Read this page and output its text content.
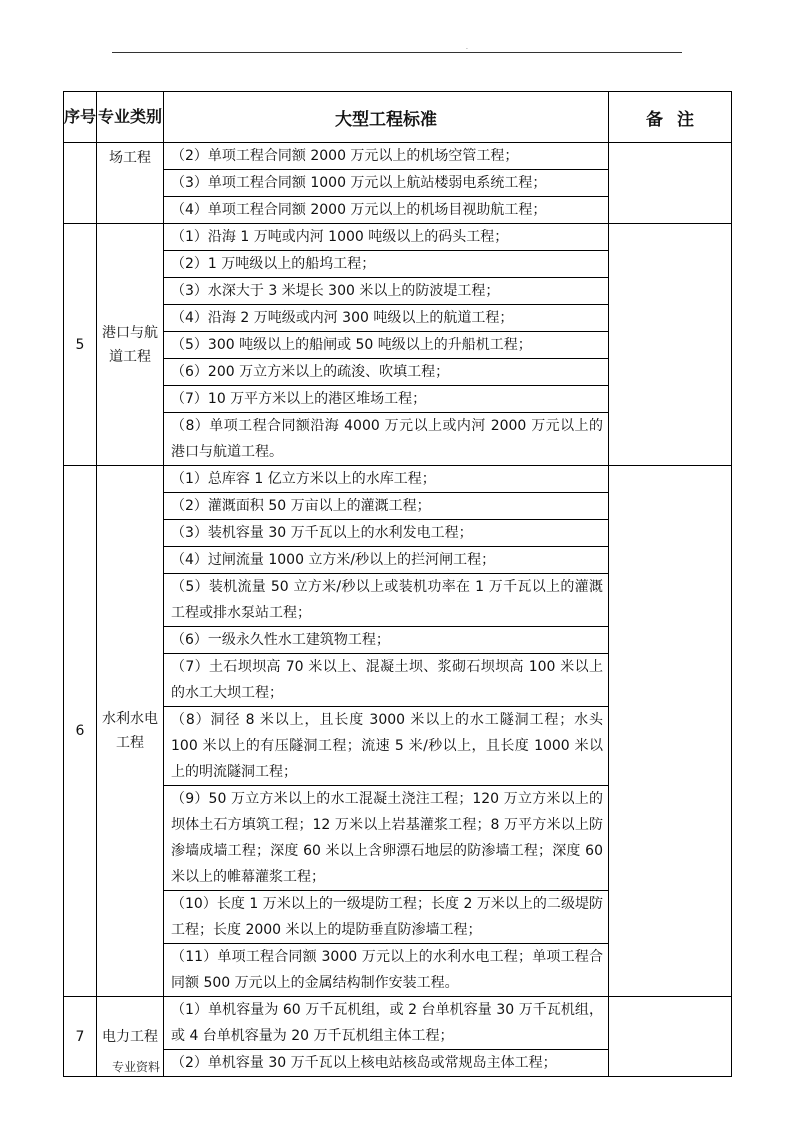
.
序号	专业类别	大型工程标准	备注
	场工程	（2）单项工程合同额 2000 万元以上的机场空管工程；	
		（3）单项工程合同额 1000 万元以上航站楼弱电系统工程；	
		（4）单项工程合同额 2000 万元以上的机场目视助航工程；	
5	港口与航道工程	（1）沿海 1 万吨或内河 1000 吨级以上的码头工程；	
		（2）1 万吨级以上的船坞工程；	
		（3）水深大于 3 米堤长 300 米以上的防波堤工程；	
		（4）沿海 2 万吨级或内河 300 吨级以上的航道工程；	
		（5）300 吨级以上的船闸或 50 吨级以上的升船机工程；	
		（6）200 万立方米以上的疏浚、吹填工程；	
		（7）10 万平方米以上的港区堆场工程；	
		（8）单项工程合同额沿海 4000 万元以上或内河 2000 万元以上的港口与航道工程。	
6	水利水电工程	（1）总库容 1 亿立方米以上的水库工程；	
		（2）灌溉面积 50 万亩以上的灌溉工程；	
		（3）装机容量 30 万千瓦以上的水利发电工程；	
		（4）过闸流量 1000 立方米/秒以上的拦河闸工程；	
		（5）装机流量 50 立方米/秒以上或装机功率在 1 万千瓦以上的灌溉工程或排水泵站工程；	
		（6）一级永久性水工建筑物工程；	
		（7）土石坝坝高 70 米以上、混凝土坝、浆砌石坝坝高 100 米以上的水工大坝工程；	
		（8）洞径 8 米以上，且长度 3000 米以上的水工隧洞工程；水头 100 米以上的有压隧洞工程；流速 5 米/秒以上，且长度 1000 米以上的明流隧洞工程；	
		（9）50 万立方米以上的水工混凝土浇注工程；120 万立方米以上的坝体土石方填筑工程；12 万米以上岩基灌浆工程；8 万平方米以上防渗墙成墙工程；深度 60 米以上含卵漂石地层的防渗墙工程；深度 60 米以上的帷幕灌浆工程；	
		（10）长度 1 万米以上的一级堤防工程；长度 2 万米以上的二级堤防工程；长度 2000 米以上的堤防垂直防渗墙工程；	
		（11）单项工程合同额 3000 万元以上的水利水电工程；单项工程合同额 500 万元以上的金属结构制作安装工程。	
7	电力工程	（1）单机容量为 60 万千瓦机组，或 2 台单机容量 30 万千瓦机组，或 4 台单机容量为 20 万千瓦机组主体工程；	
		（2）单机容量 30 万千瓦以上核电站核岛或常规岛主体工程；	
专业资料
